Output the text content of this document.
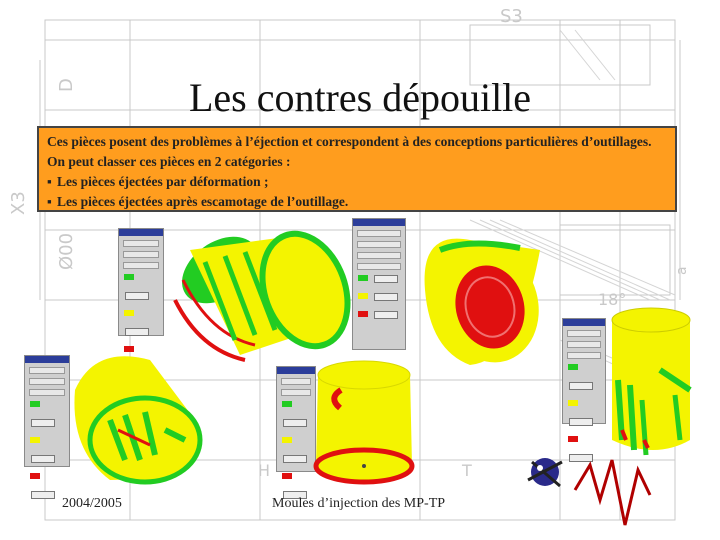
S3
X3
D
Ø00
a
18°
H	T
Les contres dépouille

Ces pièces posent des problèmes à l’éjection et correspondent à des conceptions particulières d’outillages. On peut classer ces pièces en 2 catégories :

▪ Les pièces éjectées par déformation ;

▪ Les pièces éjectées après escamotage de l’outillage.

2004/2005	Moules d’injection des MP-TP
